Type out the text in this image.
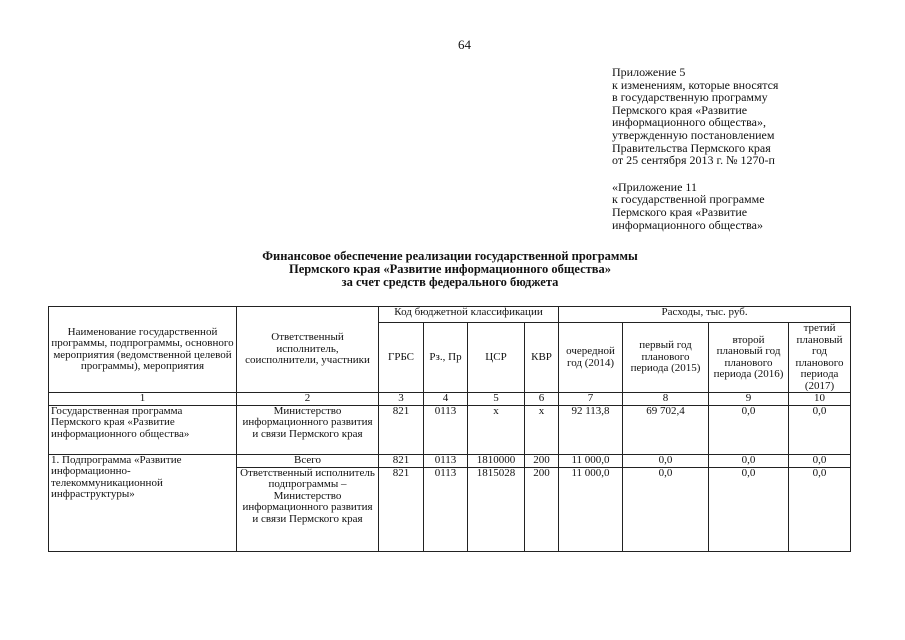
64
Приложение 5
к изменениям, которые вносятся
в государственную программу
Пермского края «Развитие
информационного общества»,
утвержденную постановлением
Правительства Пермского края
от 25 сентября 2013 г. № 1270-п
«Приложение 11
к государственной программе
Пермского края «Развитие
информационного общества»
Финансовое обеспечение реализации государственной программы
Пермского края «Развитие информационного общества»
за счет средств федерального бюджета
Наименование государственной программы, подпрограммы, основного мероприятия (ведомственной целевой программы), мероприятия	Ответственный исполнитель, соисполнители, участники	Код бюджетной классификации				Расходы, тыс. руб.			
		ГРБС	Рз., Пр	ЦСР	КВР	очередной год (2014)	первый год планового периода (2015)	второй плановый год планового периода (2016)	третий плановый год планового периода (2017)
1	2	3	4	5	6	7	8	9	10
Государственная программа Пермского края «Развитие информационного общества»	Министерство информационного развития и связи Пермского края	821	0113	х	х	92 113,8	69 702,4	0,0	0,0
1. Подпрограмма «Развитие информационно-телекоммуникационной инфраструктуры»	Всего	821	0113	1810000	200	11 000,0	0,0	0,0	0,0
	Ответственный исполнитель подпрограммы – Министерство информационного развития и связи Пермского края	821	0113	1815028	200	11 000,0	0,0	0,0	0,0
